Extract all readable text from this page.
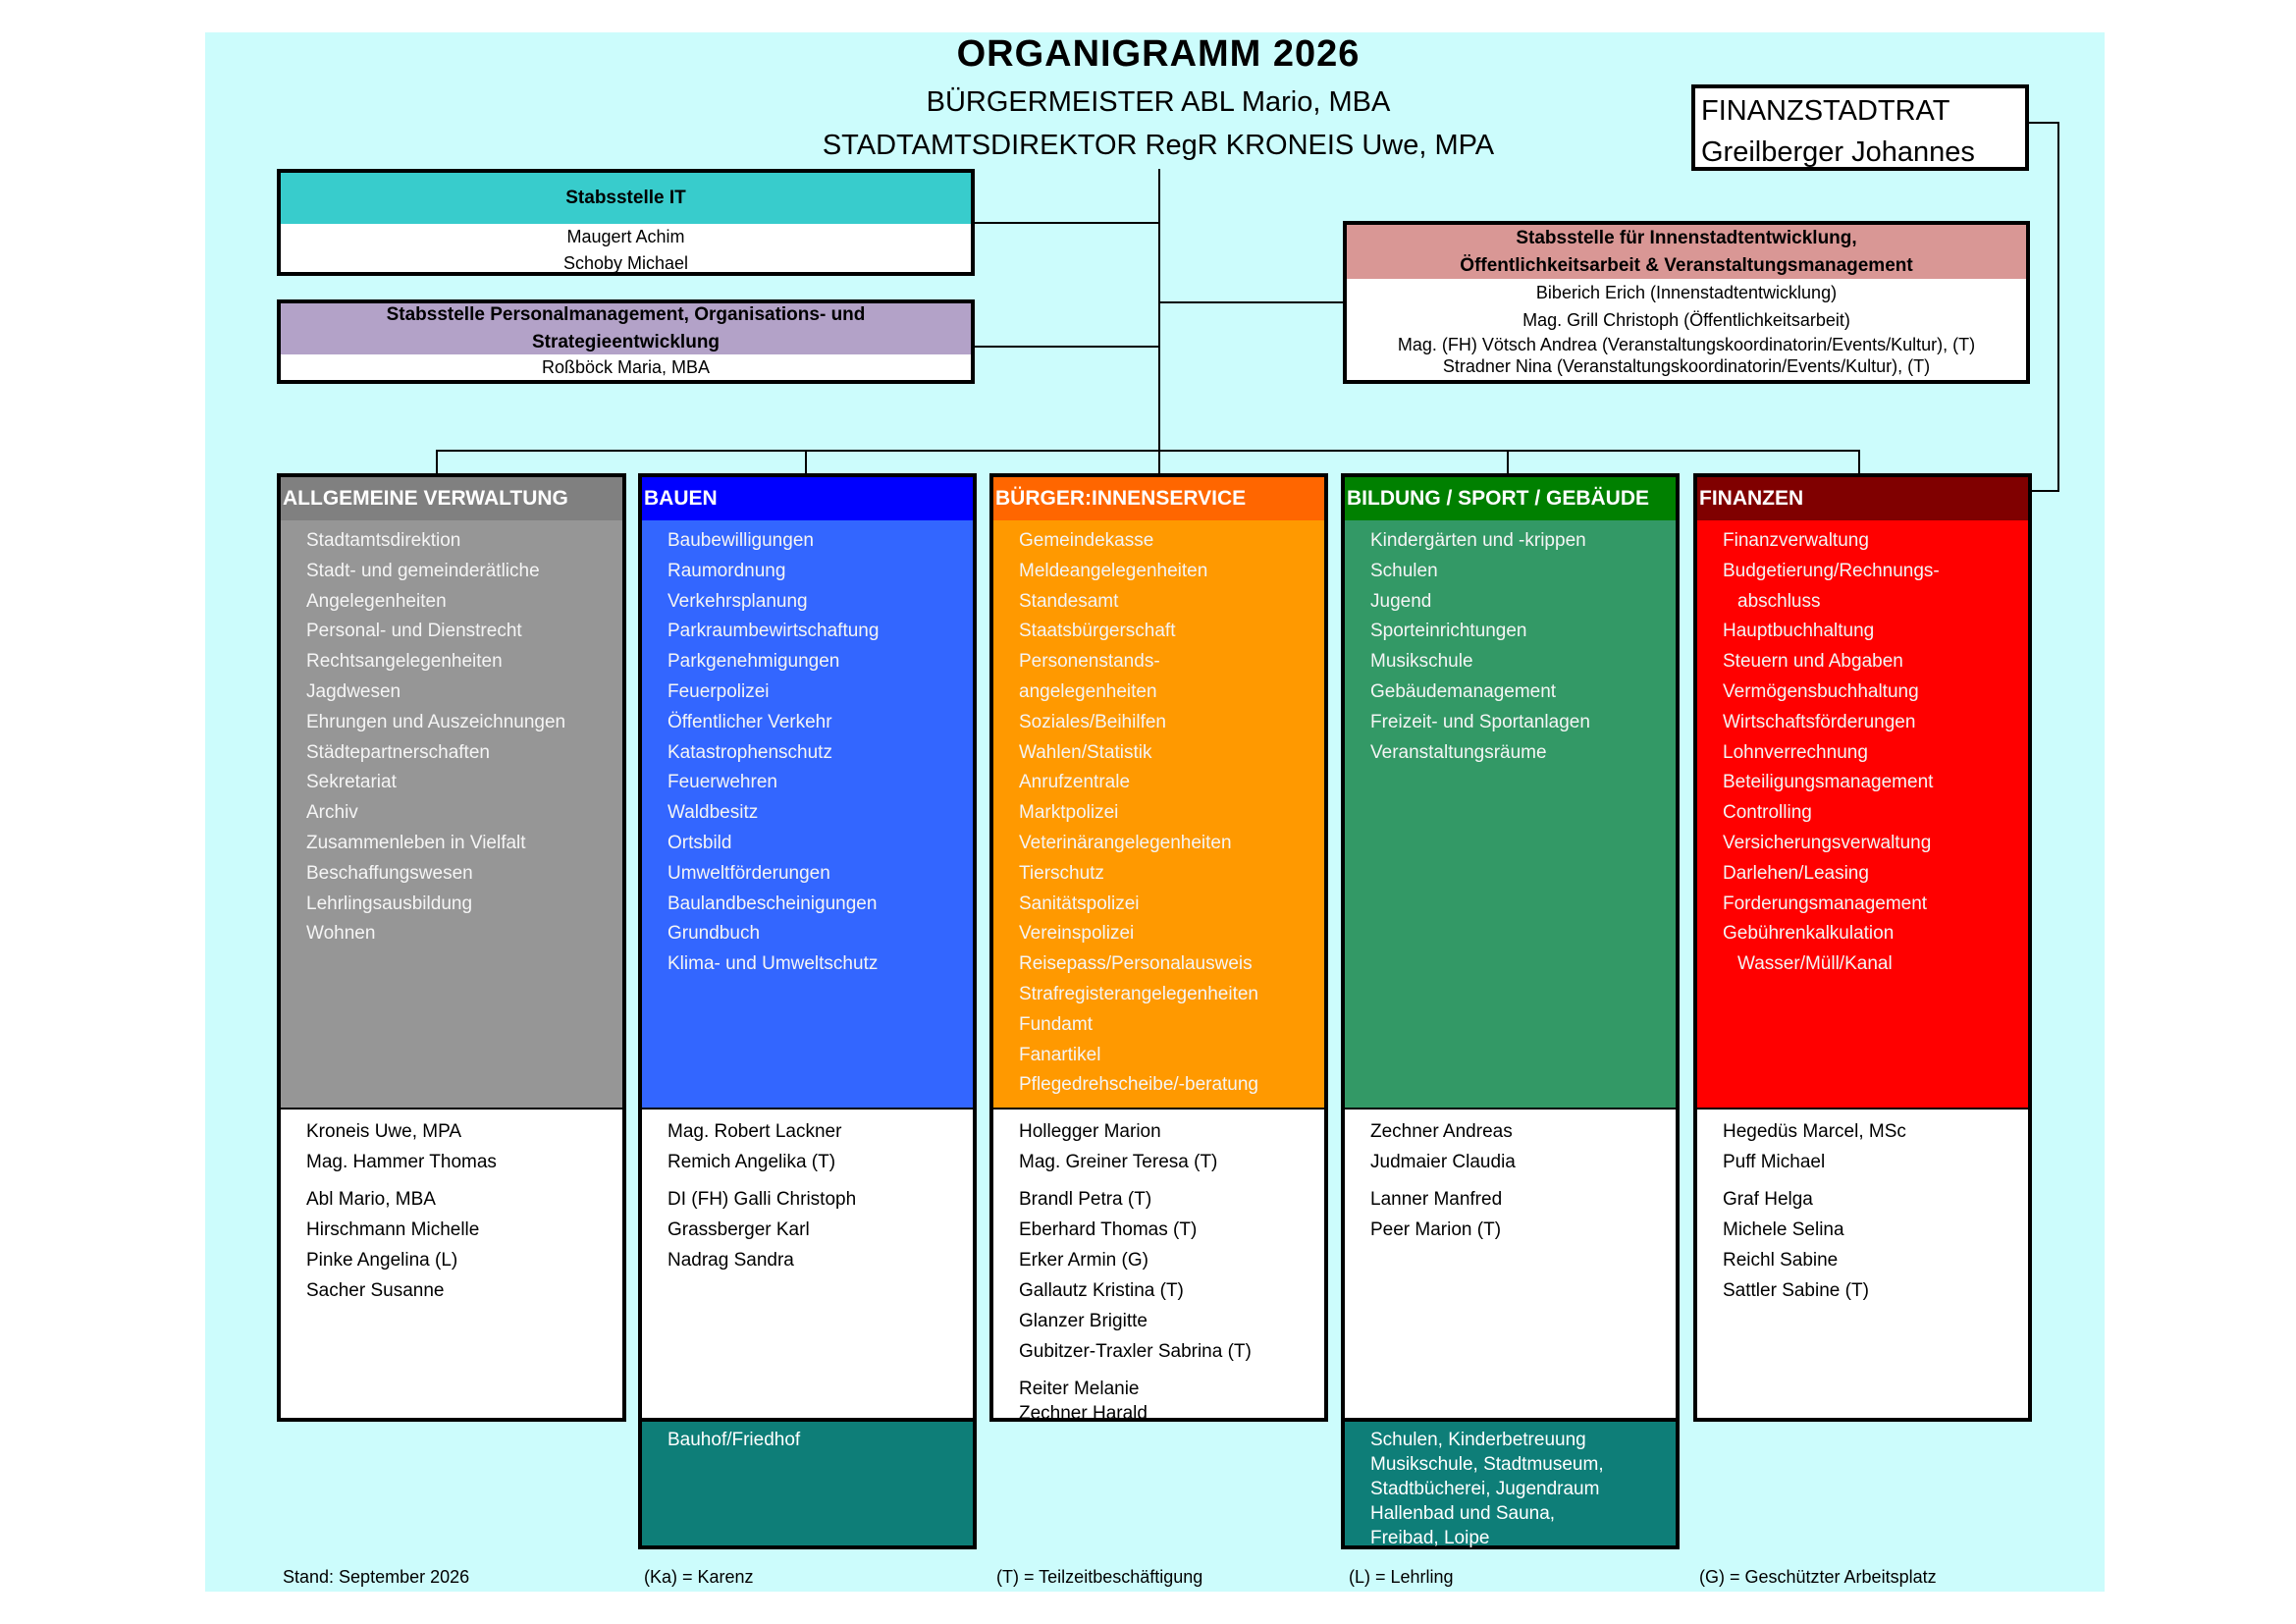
ORGANIGRAMM 2026
BÜRGERMEISTER ABL Mario, MBA
STADTAMTSDIREKTOR RegR KRONEIS Uwe, MPA
FINANZSTADTRAT
Greilberger Johannes
Stabsstelle IT
Maugert Achim
Schoby Michael
Stabsstelle Personalmanagement, Organisations- und
Strategieentwicklung
Roßböck Maria, MBA
Stabsstelle für Innenstadtentwicklung,
Öffentlichkeitsarbeit & Veranstaltungsmanagement
Biberich Erich (Innenstadtentwicklung)
Mag. Grill Christoph (Öffentlichkeitsarbeit)
Mag. (FH) Vötsch Andrea (Veranstaltungskoordinatorin/Events/Kultur), (T)
Stradner Nina (Veranstaltungskoordinatorin/Events/Kultur), (T)
ALLGEMEINE VERWALTUNG
Stadtamtsdirektion
Stadt- und gemeinderätliche
Angelegenheiten
Personal- und Dienstrecht
Rechtsangelegenheiten
Jagdwesen
Ehrungen und Auszeichnungen
Städtepartnerschaften
Sekretariat
Archiv
Zusammenleben in Vielfalt
Beschaffungswesen
Lehrlingsausbildung
Wohnen
Kroneis Uwe, MPA
Mag. Hammer Thomas
Abl Mario, MBA
Hirschmann Michelle
Pinke Angelina (L)
Sacher Susanne
BAUEN
Baubewilligungen
Raumordnung
Verkehrsplanung
Parkraumbewirtschaftung
Parkgenehmigungen
Feuerpolizei
Öffentlicher Verkehr
Katastrophenschutz
Feuerwehren
Waldbesitz
Ortsbild
Umweltförderungen
Baulandbescheinigungen
Grundbuch
Klima- und Umweltschutz
Mag. Robert Lackner
Remich Angelika (T)
DI (FH) Galli Christoph
Grassberger Karl
Nadrag Sandra
Bauhof/Friedhof
BÜRGER:INNENSERVICE
Gemeindekasse
Meldeangelegenheiten
Standesamt
Staatsbürgerschaft
Personenstands-
angelegenheiten
Soziales/Beihilfen
Wahlen/Statistik
Anrufzentrale
Marktpolizei
Veterinärangelegenheiten
Tierschutz
Sanitätspolizei
Vereinspolizei
Reisepass/Personalausweis
Strafregisterangelegenheiten
Fundamt
Fanartikel
Pflegedrehscheibe/-beratung
Hollegger Marion
Mag. Greiner Teresa (T)
Brandl Petra (T)
Eberhard Thomas (T)
Erker Armin (G)
Gallautz Kristina (T)
Glanzer Brigitte
Gubitzer-Traxler Sabrina (T)
Reiter Melanie
Zechner Harald
BILDUNG / SPORT / GEBÄUDE
Kindergärten und -krippen
Schulen
Jugend
Sporteinrichtungen
Musikschule
Gebäudemanagement
Freizeit- und Sportanlagen
Veranstaltungsräume
Zechner Andreas
Judmaier Claudia
Lanner Manfred
Peer Marion (T)
Schulen, Kinderbetreuung
Musikschule, Stadtmuseum,
Stadtbücherei, Jugendraum
Hallenbad und Sauna,
Freibad, Loipe
FINANZEN
Finanzverwaltung
Budgetierung/Rechnungs-
abschluss
Hauptbuchhaltung
Steuern und Abgaben
Vermögensbuchhaltung
Wirtschaftsförderungen
Lohnverrechnung
Beteiligungsmanagement
Controlling
Versicherungsverwaltung
Darlehen/Leasing
Forderungsmanagement
Gebührenkalkulation
Wasser/Müll/Kanal
Hegedüs Marcel, MSc
Puff Michael
Graf Helga
Michele Selina
Reichl Sabine
Sattler Sabine (T)
Stand: September 2026	(Ka) = Karenz	(T) = Teilzeitbeschäftigung	(L) = Lehrling	(G) = Geschützter Arbeitsplatz
